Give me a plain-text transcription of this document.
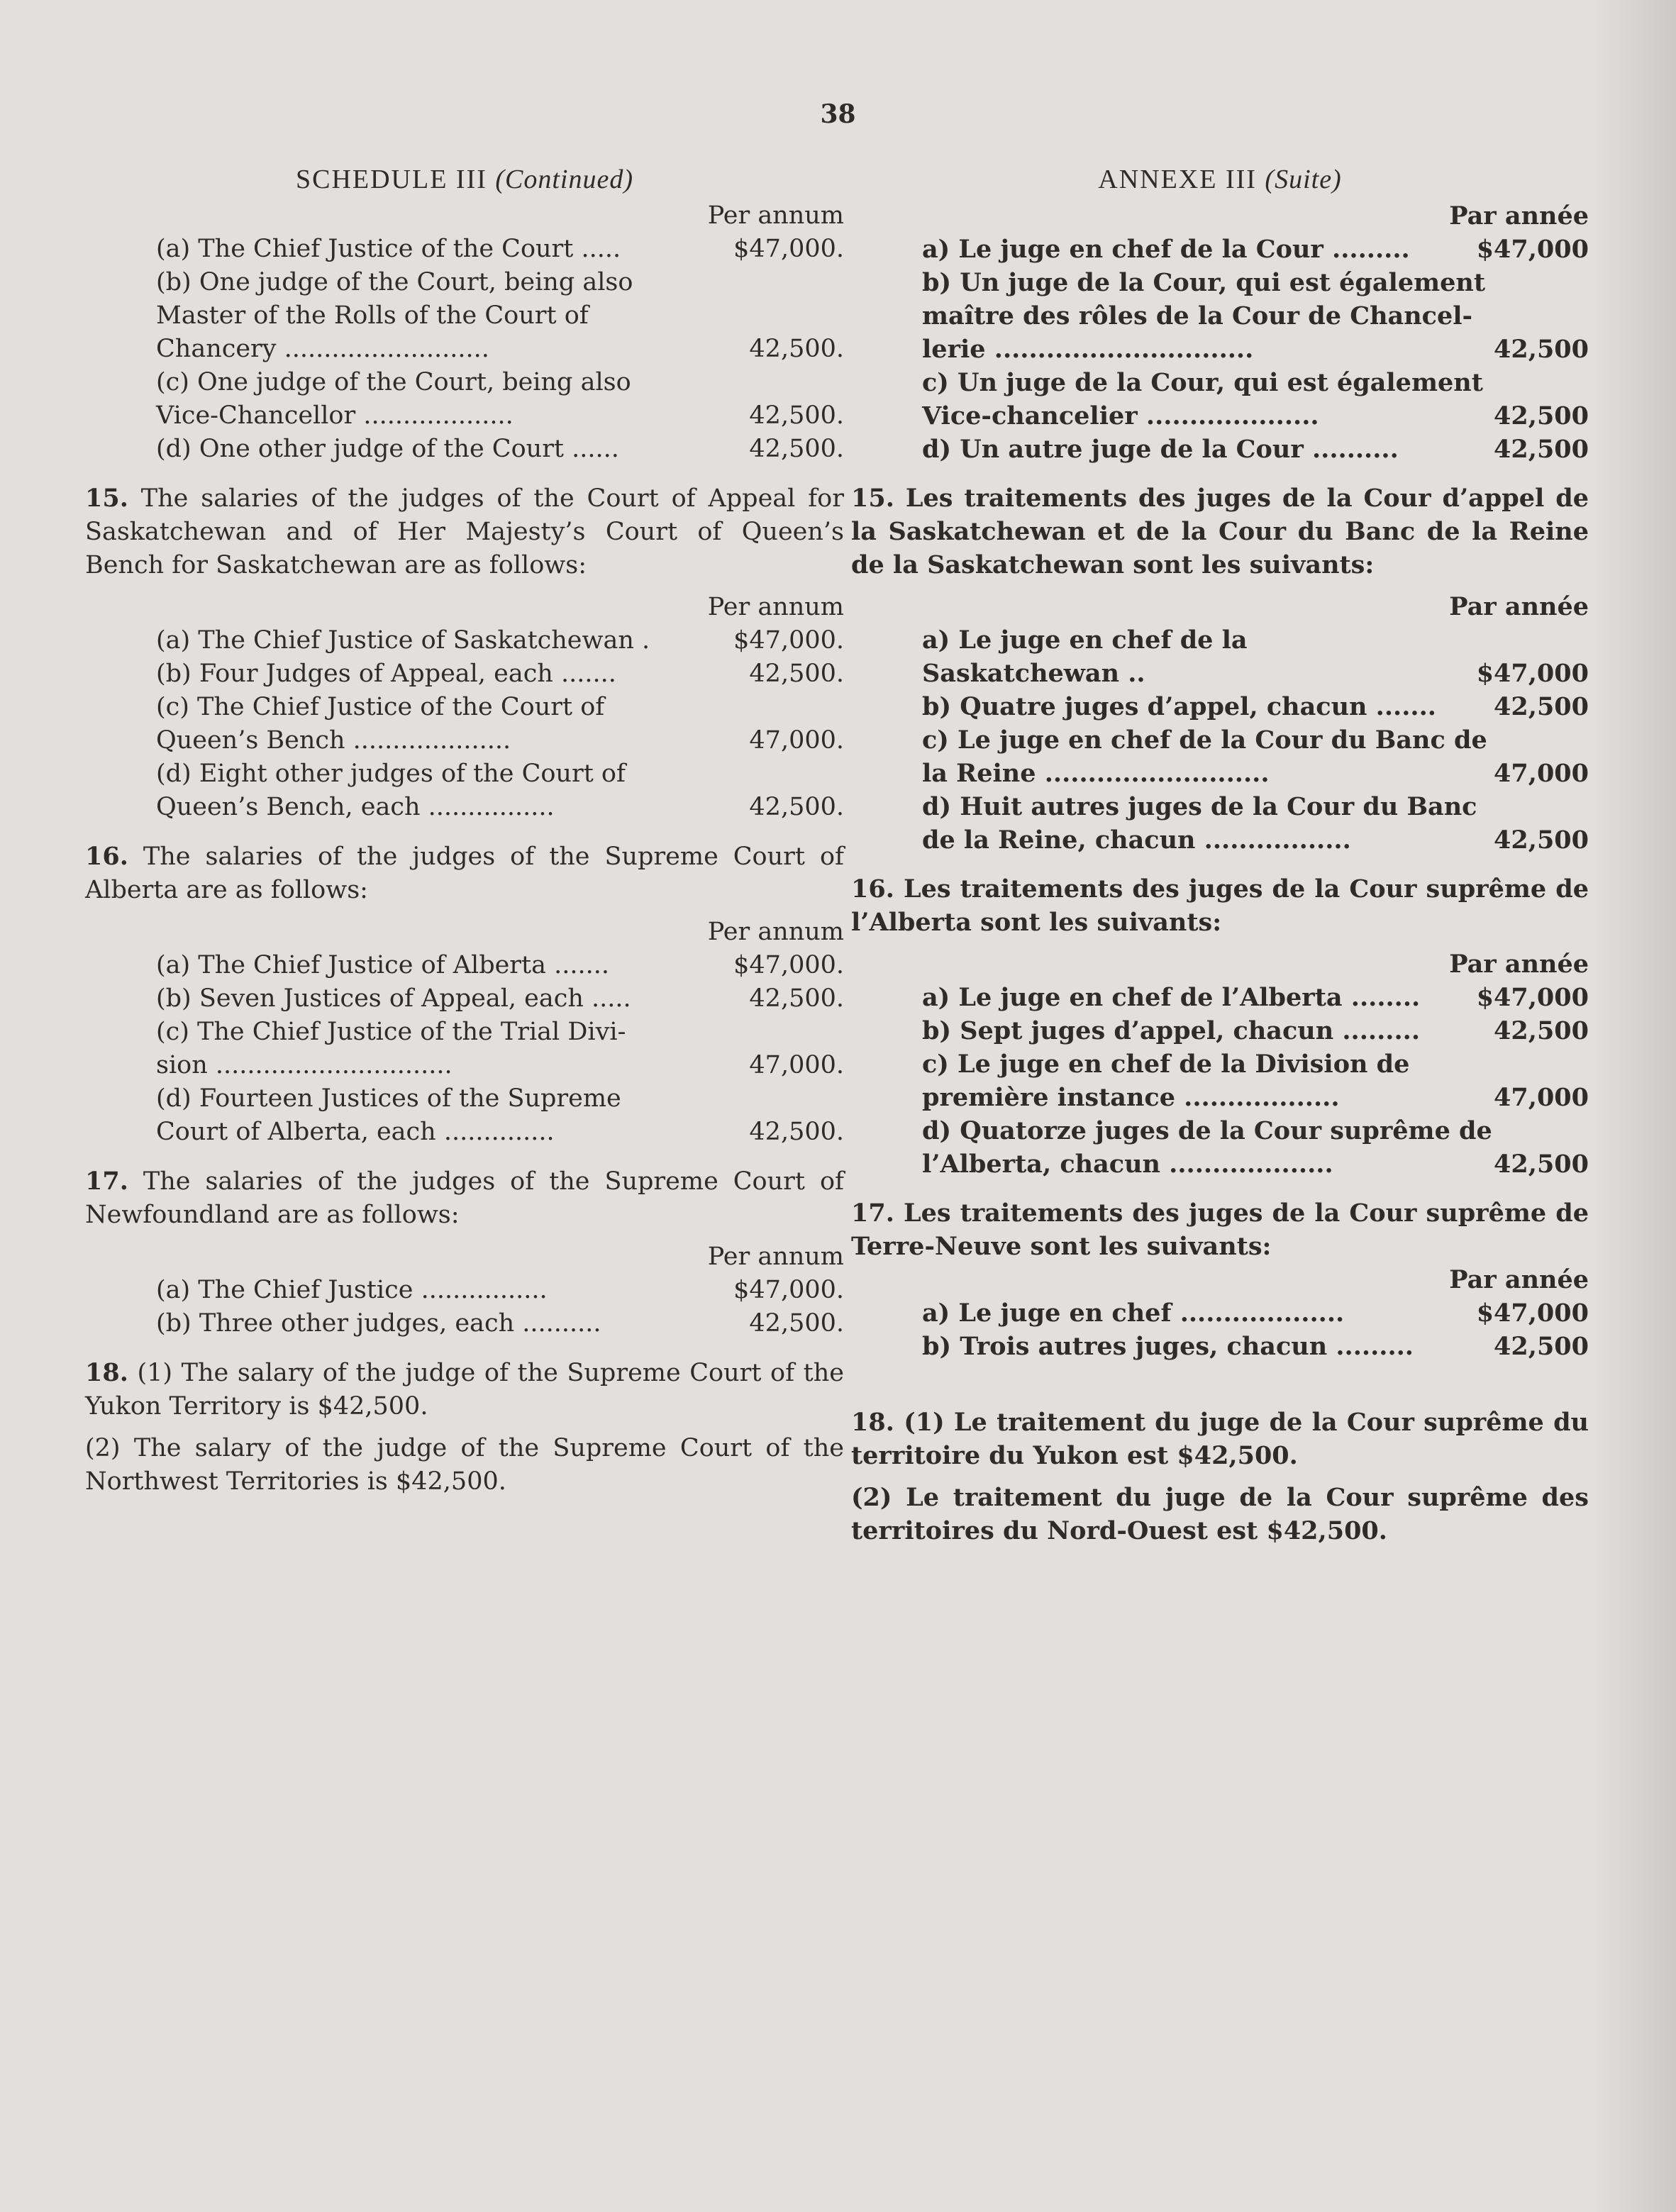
38
SCHEDULE III (Continued)

Per annum

(a) The Chief Justice of the Court .....	$47,000.
(b) One judge of the Court, being also
Master of the Rolls of the Court of
Chancery ..........................	42,500.
(c) One judge of the Court, being also
Vice-Chancellor ...................	42,500.
(d) One other judge of the Court ......	42,500.

15. The salaries of the judges of the Court of Appeal for Saskatchewan and of Her Majesty’s Court of Queen’s Bench for Saskatchewan are as follows:

Per annum

(a) The Chief Justice of Saskatchewan .	$47,000.
(b) Four Judges of Appeal, each .......	42,500.
(c) The Chief Justice of the Court of
Queen’s Bench ....................	47,000.
(d) Eight other judges of the Court of
Queen’s Bench, each ................	42,500.

16. The salaries of the judges of the Supreme Court of Alberta are as follows:

Per annum

(a) The Chief Justice of Alberta .......	$47,000.
(b) Seven Justices of Appeal, each .....	42,500.
(c) The Chief Justice of the Trial Divi-
sion ..............................	47,000.
(d) Fourteen Justices of the Supreme
Court of Alberta, each ..............	42,500.

17. The salaries of the judges of the Supreme Court of Newfoundland are as follows:

Per annum

(a) The Chief Justice ................	$47,000.
(b) Three other judges, each ..........	42,500.

18. (1) The salary of the judge of the Supreme Court of the Yukon Territory is $42,500.

(2) The salary of the judge of the Supreme Court of the Northwest Territories is $42,500.

ANNEXE III (Suite)

Par année

a) Le juge en chef de la Cour .........	$47,000
b) Un juge de la Cour, qui est également
maître des rôles de la Cour de Chancel-
lerie ..............................	42,500
c) Un juge de la Cour, qui est également
Vice-chancelier ....................	42,500
d) Un autre juge de la Cour ..........	42,500

15. Les traitements des juges de la Cour d’appel de la Saskatchewan et de la Cour du Banc de la Reine de la Saskatchewan sont les suivants:

Par année

a) Le juge en chef de la Saskatchewan ..	$47,000
b) Quatre juges d’appel, chacun .......	42,500
c) Le juge en chef de la Cour du Banc de
la Reine ..........................	47,000
d) Huit autres juges de la Cour du Banc
de la Reine, chacun .................	42,500

16. Les traitements des juges de la Cour suprême de l’Alberta sont les suivants:

Par année

a) Le juge en chef de l’Alberta ........	$47,000
b) Sept juges d’appel, chacun .........	42,500
c) Le juge en chef de la Division de
première instance ..................	47,000
d) Quatorze juges de la Cour suprême de
l’Alberta, chacun ...................	42,500

17. Les traitements des juges de la Cour suprême de Terre-Neuve sont les suivants:

Par année

a) Le juge en chef ...................	$47,000
b) Trois autres juges, chacun .........	42,500

18. (1) Le traitement du juge de la Cour suprême du territoire du Yukon est $42,500.

(2) Le traitement du juge de la Cour suprême des territoires du Nord-Ouest est $42,500.
